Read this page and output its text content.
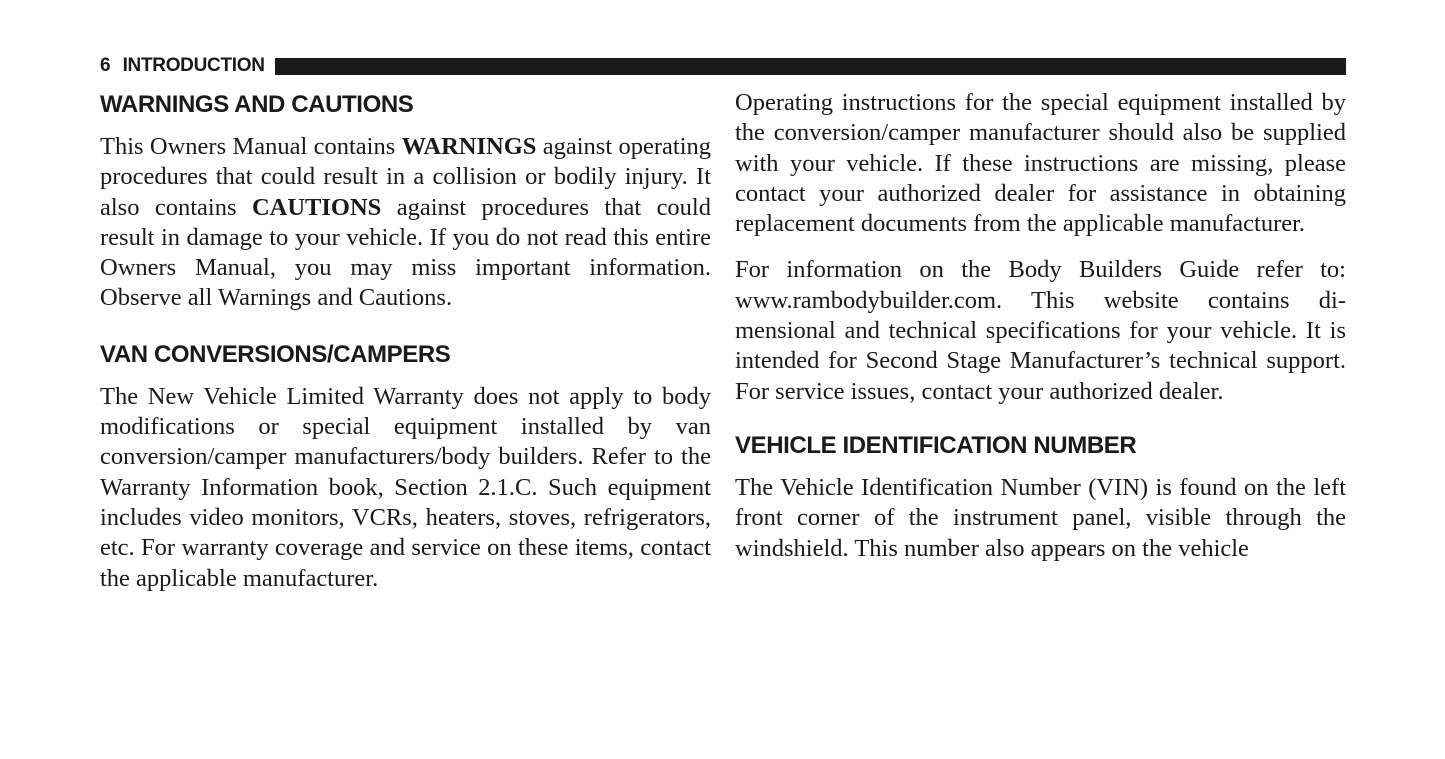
6 INTRODUCTION
WARNINGS AND CAUTIONS

This Owners Manual contains WARNINGS against operating procedures that could result in a collision or bodily injury. It also contains CAUTIONS against procedures that could result in damage to your vehicle. If you do not read this entire Owners Manual, you may miss important information. Observe all Warnings and Cautions.

VAN CONVERSIONS/CAMPERS

The New Vehicle Limited Warranty does not apply to body modifications or special equipment installed by van conversion/camper manufacturers/body builders. Refer to the Warranty Information book, Section 2.1.C. Such equipment includes video monitors, VCRs, heaters, stoves, refrigerators, etc. For warranty coverage and service on these items, contact the applicable manufacturer.

Operating instructions for the special equipment installed by the conversion/camper manufacturer should also be supplied with your vehicle. If these instructions are missing, please contact your authorized dealer for assistance in obtaining replacement documents from the applicable manufacturer.

For information on the Body Builders Guide refer to: www.rambodybuilder.com. This website contains dimensional and technical specifications for your vehicle. It is intended for Second Stage Manufacturer’s technical support. For service issues, contact your authorized dealer.

VEHICLE IDENTIFICATION NUMBER

The Vehicle Identification Number (VIN) is found on the left front corner of the instrument panel, visible through the windshield. This number also appears on the vehicle
